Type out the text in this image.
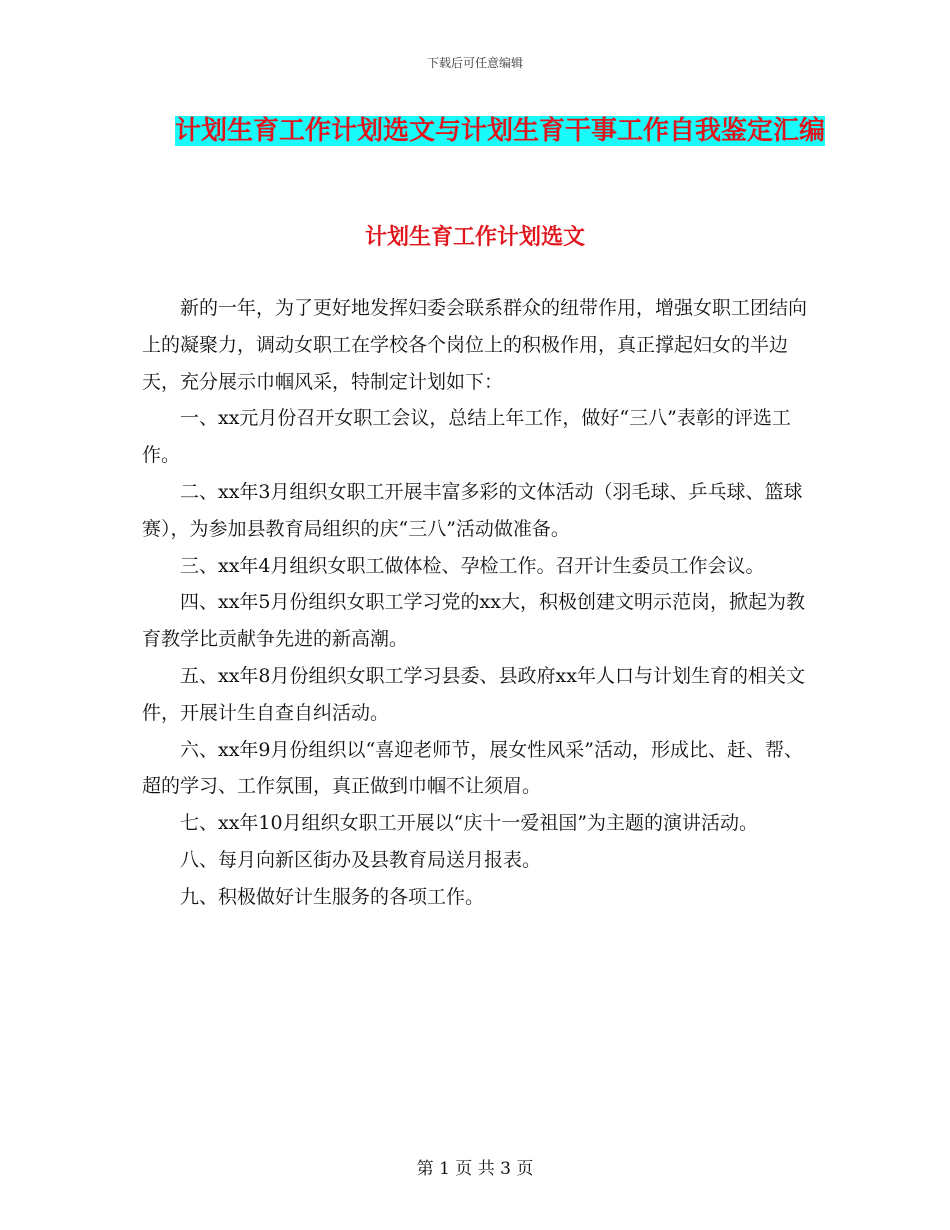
下载后可任意编辑
计划生育工作计划选文与计划生育干事工作自我鉴定汇编
计划生育工作计划选文

新的一年，为了更好地发挥妇委会联系群众的纽带作用，增强女职工团结向上的凝聚力，调动女职工在学校各个岗位上的积极作用，真正撑起妇女的半边天，充分展示巾帼风采，特制定计划如下：

一、xx元月份召开女职工会议，总结上年工作，做好“三八”表彰的评选工作。

二、xx年3月组织女职工开展丰富多彩的文体活动（羽毛球、乒乓球、篮球赛），为参加县教育局组织的庆“三八”活动做准备。

三、xx年4月组织女职工做体检、孕检工作。召开计生委员工作会议。

四、xx年5月份组织女职工学习党的xx大，积极创建文明示范岗，掀起为教育教学比贡献争先进的新高潮。

五、xx年8月份组织女职工学习县委、县政府xx年人口与计划生育的相关文件，开展计生自查自纠活动。

六、xx年9月份组织以“喜迎老师节，展女性风采”活动，形成比、赶、帮、超的学习、工作氛围，真正做到巾帼不让须眉。

七、xx年10月组织女职工开展以“庆十一爱祖国”为主题的演讲活动。

八、每月向新区街办及县教育局送月报表。

九、积极做好计生服务的各项工作。

第 1 页 共 3 页
